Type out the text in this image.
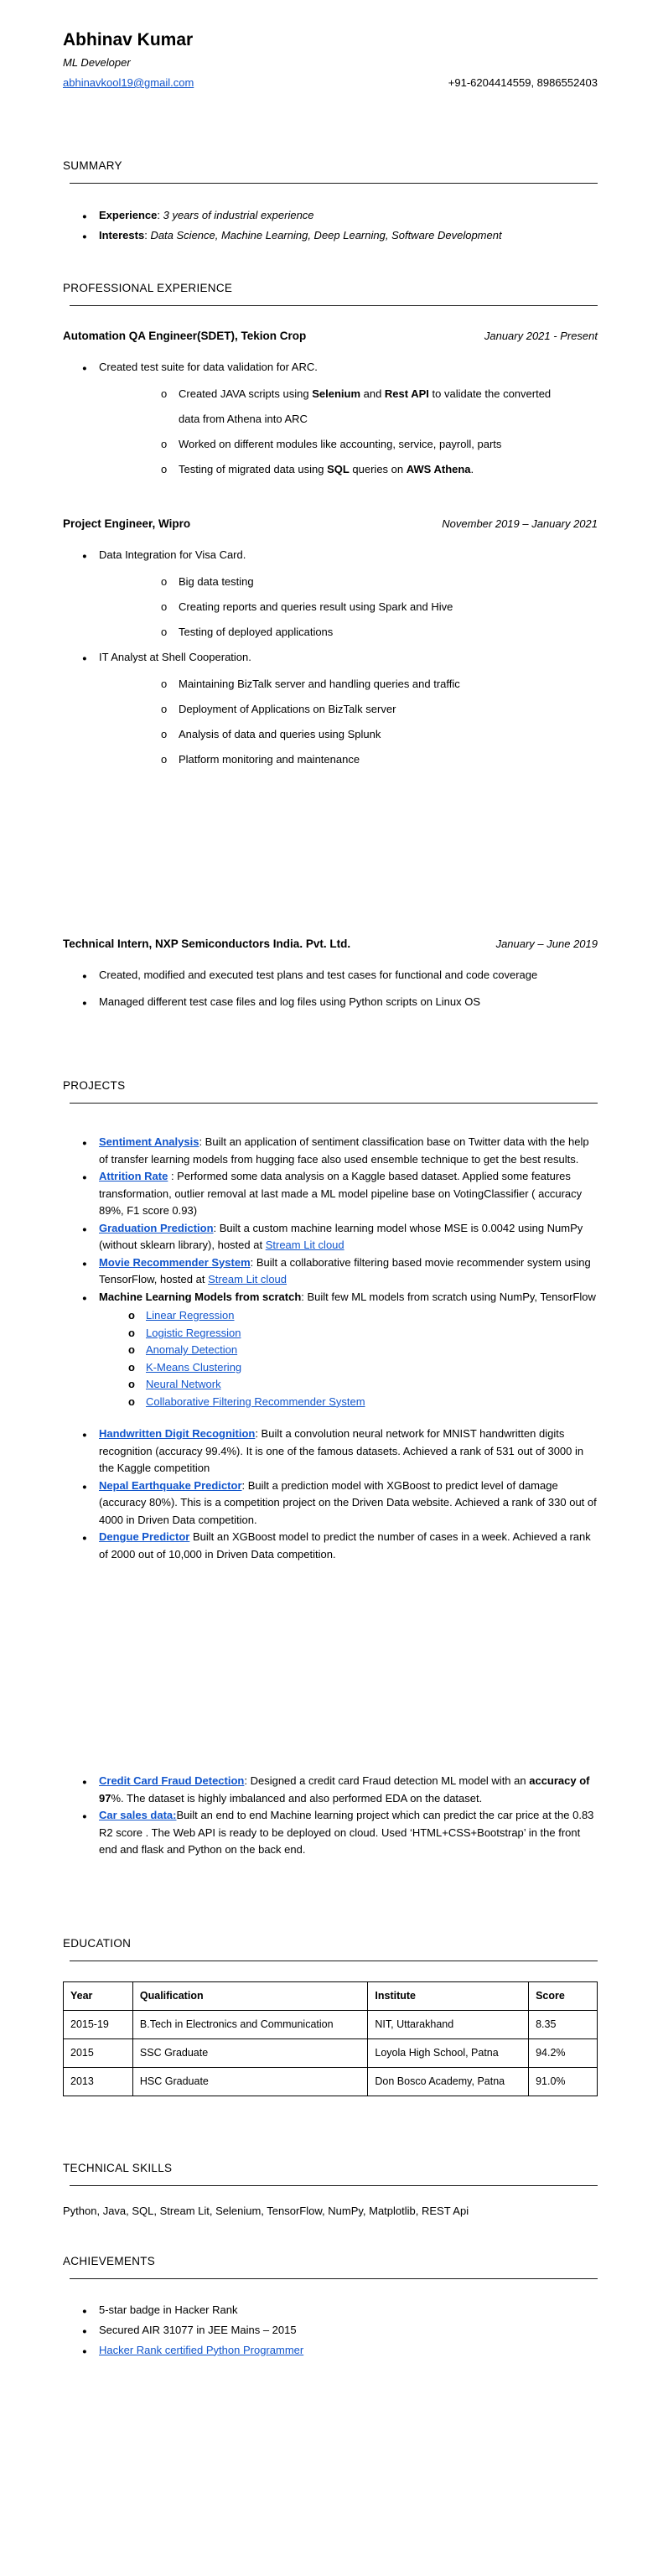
Abhinav Kumar
ML Developer
abhinavkool19@gmail.com	+91-6204414559, 8986552403
SUMMARY
●	Experience: 3 years of industrial experience
●	Interests: Data Science, Machine Learning, Deep Learning, Software Development
PROFESSIONAL EXPERIENCE
Automation QA Engineer(SDET), Tekion Crop	January 2021 - Present
●	Created test suite for data validation for ARC.
o	Created JAVA scripts using Selenium and Rest API to validate the converted data from Athena into ARC
o	Worked on different modules like accounting, service, payroll, parts
o	Testing of migrated data using SQL queries on AWS Athena.
Project Engineer, Wipro	November 2019 – January 2021
●	Data Integration for Visa Card.
o	Big data testing
o	Creating reports and queries result using Spark and Hive
o	Testing of deployed applications
●	IT Analyst at Shell Cooperation.
o	Maintaining BizTalk server and handling queries and traffic
o	Deployment of Applications on BizTalk server
o	Analysis of data and queries using Splunk
o	Platform monitoring and maintenance
Technical Intern, NXP Semiconductors India. Pvt. Ltd.	January – June 2019
●	Created, modified and executed test plans and test cases for functional and code coverage
●	Managed different test case files and log files using Python scripts on Linux OS
PROJECTS
●	Sentiment Analysis: Built an application of sentiment classification base on Twitter data with the help of transfer learning models from hugging face also used ensemble technique to get the best results.
●	Attrition Rate : Performed some data analysis on a Kaggle based dataset. Applied some features transformation, outlier removal at last made a ML model pipeline base on VotingClassifier ( accuracy 89%, F1 score 0.93)
●	Graduation Prediction: Built a custom machine learning model whose MSE is 0.0042 using NumPy (without sklearn library), hosted at Stream Lit cloud
●	Movie Recommender System: Built a collaborative filtering based movie recommender system using TensorFlow, hosted at Stream Lit cloud
●	Machine Learning Models from scratch: Built few ML models from scratch using NumPy, TensorFlow
o	Linear Regression
o	Logistic Regression
o	Anomaly Detection
o	K-Means Clustering
o	Neural Network
o	Collaborative Filtering Recommender System
●	Handwritten Digit Recognition: Built a convolution neural network for MNIST handwritten digits recognition (accuracy 99.4%). It is one of the famous datasets. Achieved a rank of 531 out of 3000 in the Kaggle competition
●	Nepal Earthquake Predictor: Built a prediction model with XGBoost to predict level of damage (accuracy 80%). This is a competition project on the Driven Data website. Achieved a rank of 330 out of 4000 in Driven Data competition.
●	Dengue Predictor Built an XGBoost model to predict the number of cases in a week. Achieved a rank of 2000 out of 10,000 in Driven Data competition.
●	Credit Card Fraud Detection: Designed a credit card Fraud detection ML model with an accuracy of 97%. The dataset is highly imbalanced and also performed EDA on the dataset.
●	Car sales data:Built an end to end Machine learning project which can predict the car price at the 0.83 R2 score . The Web API is ready to be deployed on cloud. Used ‘HTML+CSS+Bootstrap’ in the front end and flask and Python on the back end.
EDUCATION
Year	Qualification	Institute	Score
2015-19	B.Tech in Electronics and Communication	NIT, Uttarakhand	8.35
2015	SSC Graduate	Loyola High School, Patna	94.2%
2013	HSC Graduate	Don Bosco Academy, Patna	91.0%
TECHNICAL SKILLS
Python, Java, SQL, Stream Lit, Selenium, TensorFlow, NumPy, Matplotlib, REST Api
ACHIEVEMENTS
●	5-star badge in Hacker Rank
●	Secured AIR 31077 in JEE Mains – 2015
●	Hacker Rank certified Python Programmer
